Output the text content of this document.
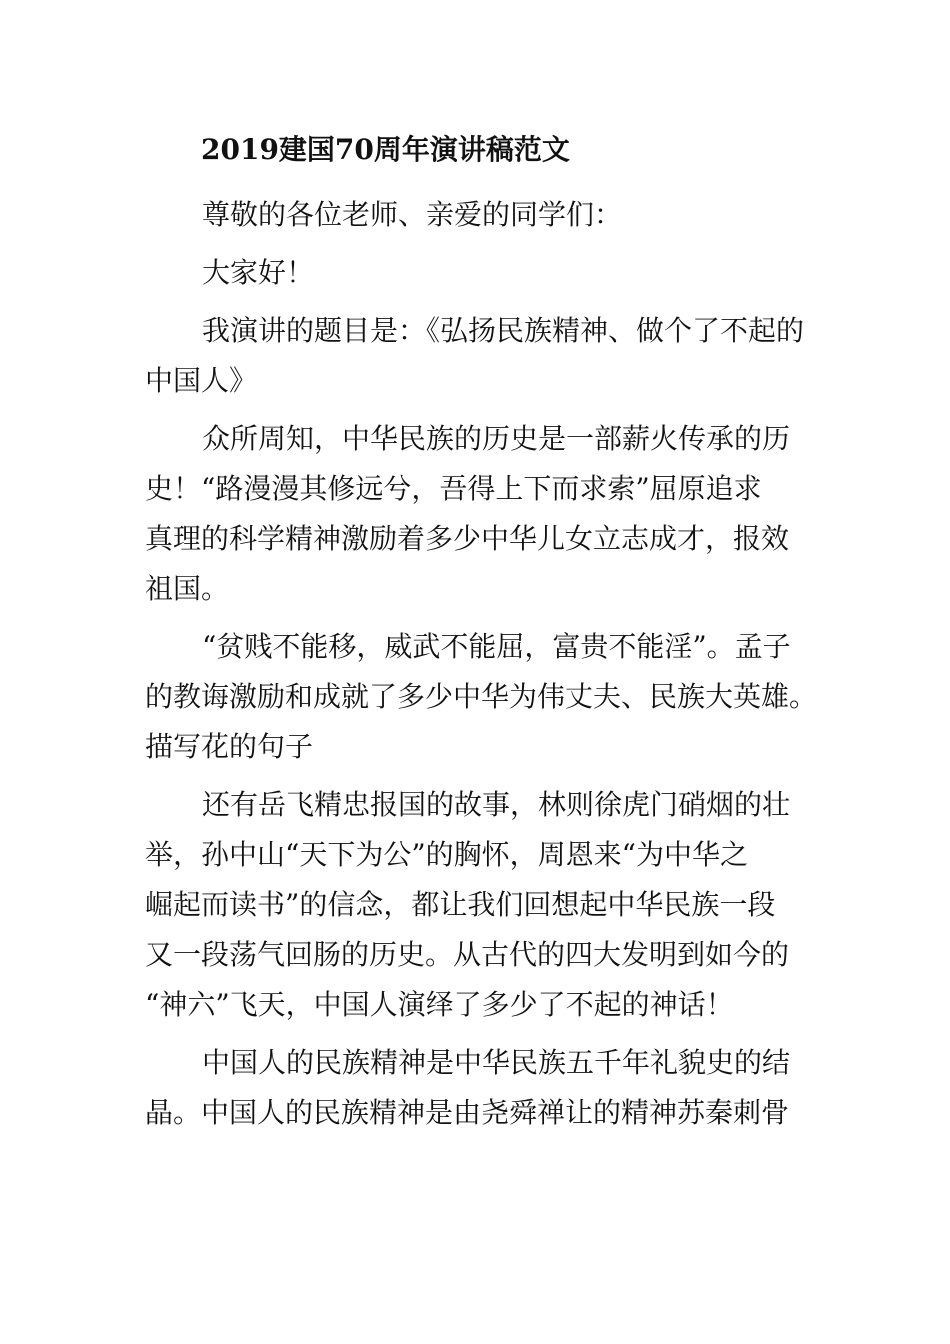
2019建国70周年演讲稿范文

尊敬的各位老师、亲爱的同学们：

大家好！

我演讲的题目是：《弘扬民族精神、做个了不起的
中国人》

众所周知，中华民族的历史是一部薪火传承的历
史！“路漫漫其修远兮，吾得上下而求索”屈原追求
真理的科学精神激励着多少中华儿女立志成才，报效
祖国。

“贫贱不能移，威武不能屈，富贵不能淫”。孟子
的教诲激励和成就了多少中华为伟丈夫、民族大英雄。
描写花的句子

还有岳飞精忠报国的故事，林则徐虎门硝烟的壮
举，孙中山“天下为公”的胸怀，周恩来“为中华之
崛起而读书”的信念，都让我们回想起中华民族一段
又一段荡气回肠的历史。从古代的四大发明到如今的
“神六”飞天，中国人演绎了多少了不起的神话！

中国人的民族精神是中华民族五千年礼貌史的结
晶。中国人的民族精神是由尧舜禅让的精神苏秦刺骨
